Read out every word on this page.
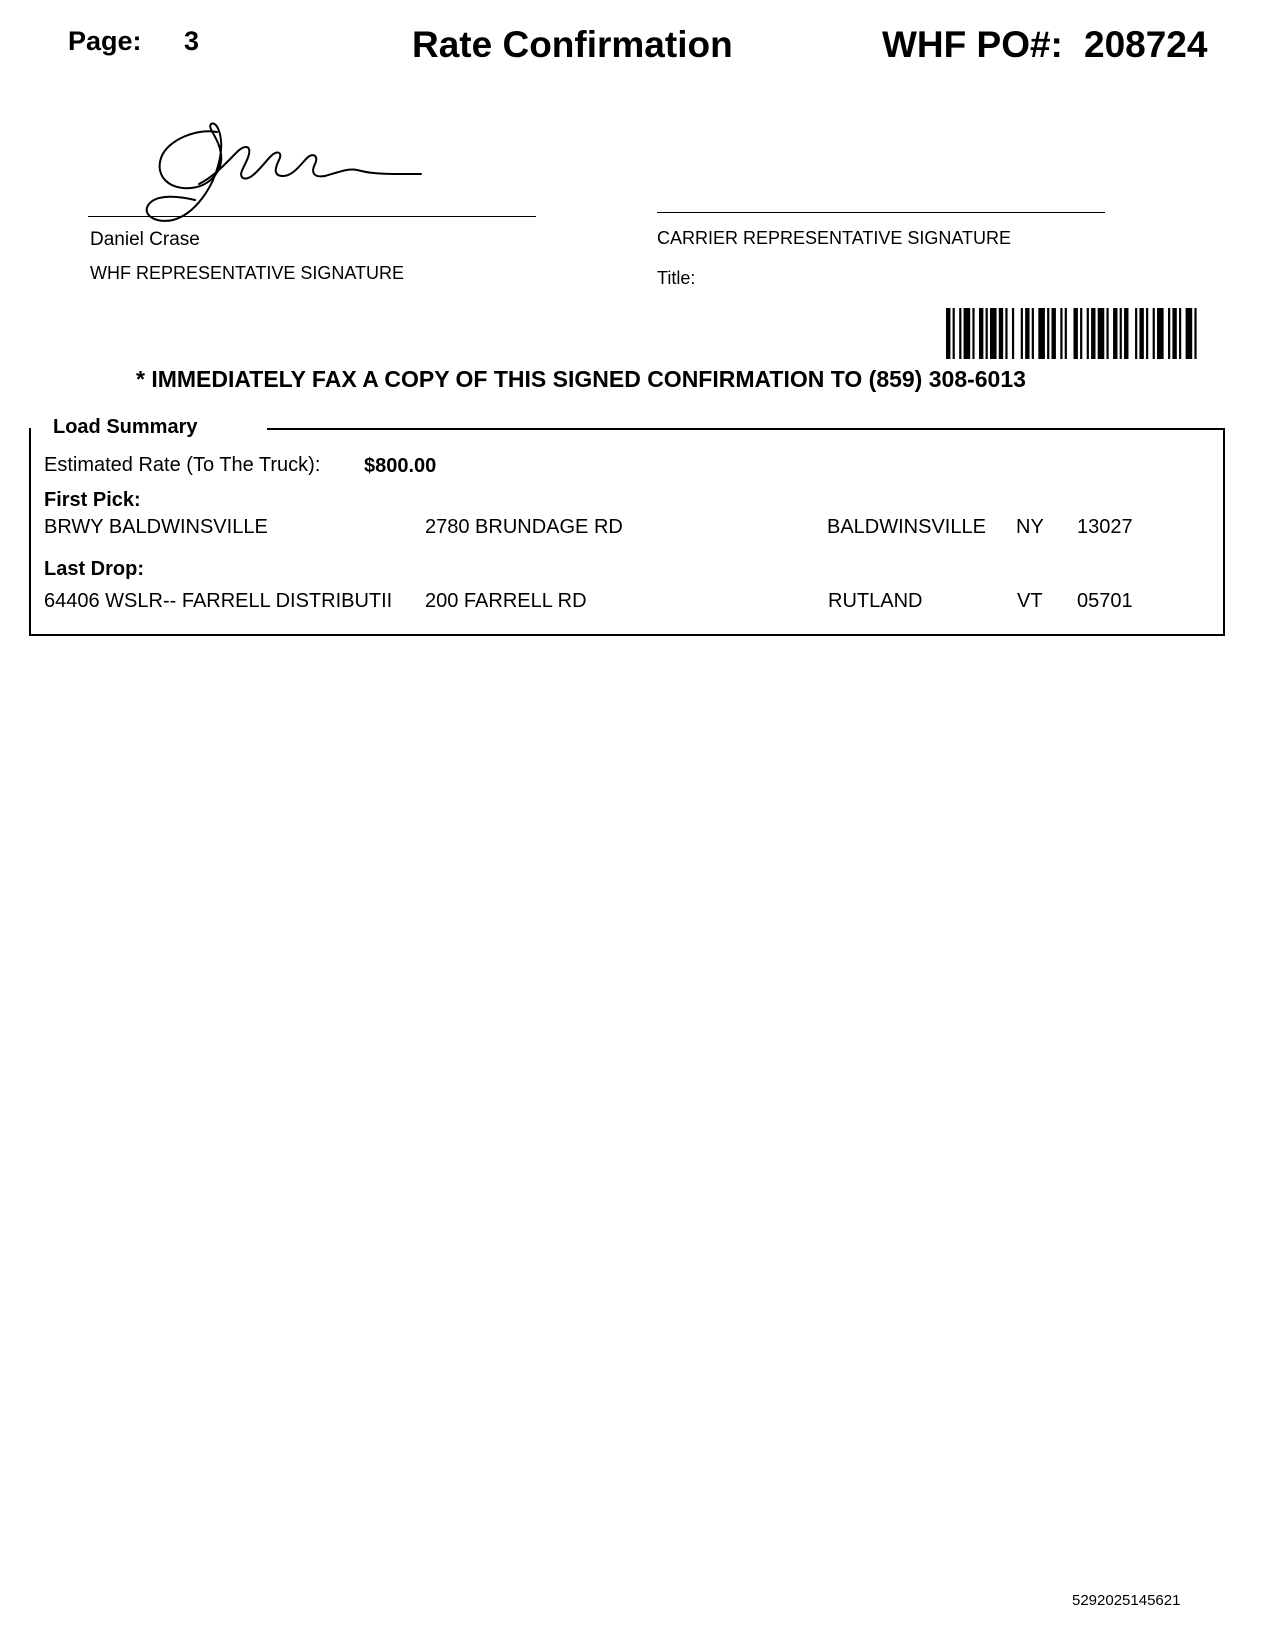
Page: 3	Rate Confirmation	WHF PO#: 208724
Daniel Crase
WHF REPRESENTATIVE SIGNATURE
CARRIER REPRESENTATIVE SIGNATURE
Title:
* IMMEDIATELY FAX A COPY OF THIS SIGNED CONFIRMATION TO (859) 308-6013
Load Summary
Estimated Rate (To The Truck): $800.00
First Pick:
BRWY BALDWINSVILLE	2780 BRUNDAGE RD	BALDWINSVILLE NY 13027
Last Drop:
64406 WSLR-- FARRELL DISTRIBUTII	200 FARRELL RD	RUTLAND	VT 05701
5292025145621
